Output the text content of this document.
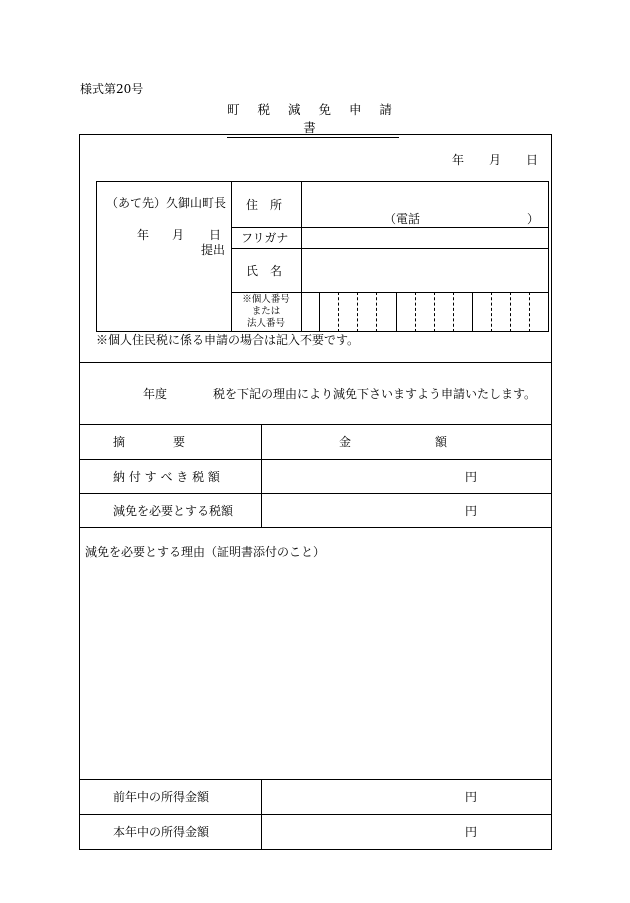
様式第20号
町 税 減 免 申 請 書
年 月 日
（あて先）久御山町長
年 月 日
提出
住　所
（電話	）
フリガナ
氏　名
※個人番号
または
法人番号
※個人住民税に係る申請の場合は記入不要です。
年度	税を下記の理由により減免下さいますよう申請いたします。
摘　　　　要	金　　　　　　　額
納 付 す べ き 税 額	円
減免を必要とする税額	円
減免を必要とする理由（証明書添付のこと）
前年中の所得金額	円
本年中の所得金額	円
